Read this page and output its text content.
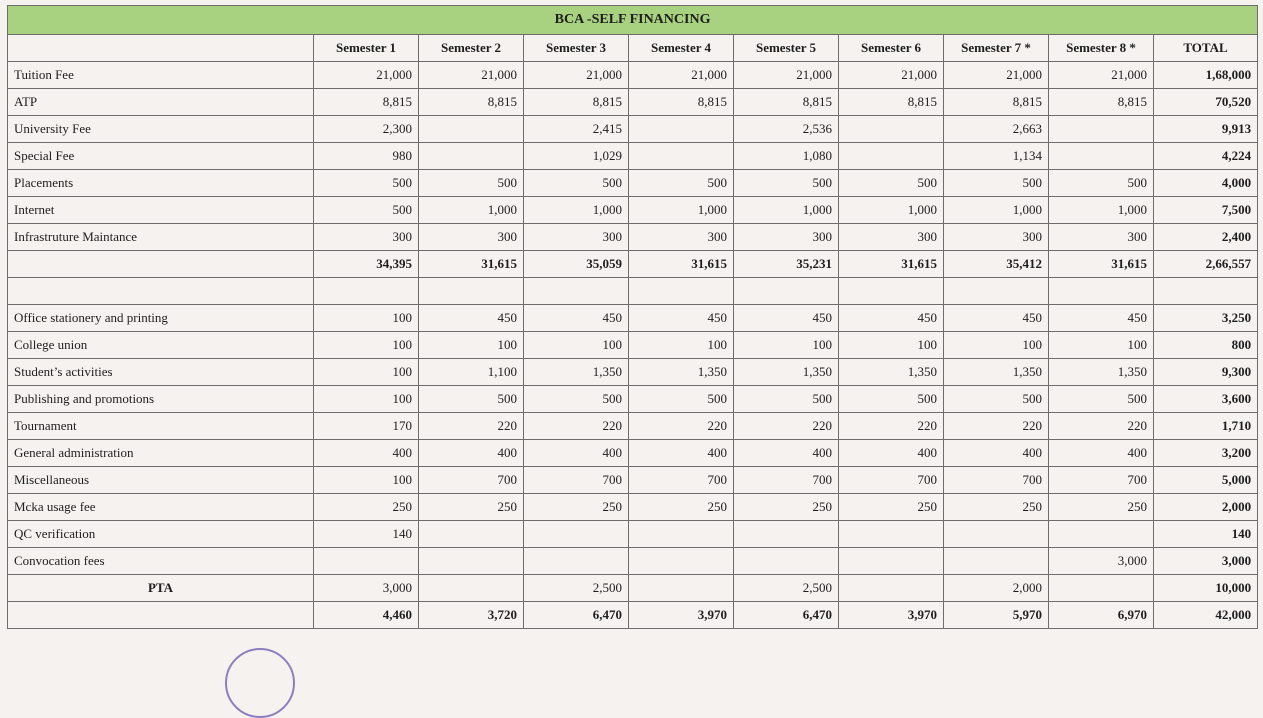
BCA -SELF FINANCING									
	Semester 1	Semester 2	Semester 3	Semester 4	Semester 5	Semester 6	Semester 7 *	Semester 8 *	TOTAL
Tuition Fee	21,000	21,000	21,000	21,000	21,000	21,000	21,000	21,000	1,68,000
ATP	8,815	8,815	8,815	8,815	8,815	8,815	8,815	8,815	70,520
University Fee	2,300		2,415		2,536		2,663		9,913
Special Fee	980		1,029		1,080		1,134		4,224
Placements	500	500	500	500	500	500	500	500	4,000
Internet	500	1,000	1,000	1,000	1,000	1,000	1,000	1,000	7,500
Infrastruture Maintance	300	300	300	300	300	300	300	300	2,400
	34,395	31,615	35,059	31,615	35,231	31,615	35,412	31,615	2,66,557

Office stationery and printing	100	450	450	450	450	450	450	450	3,250
College union	100	100	100	100	100	100	100	100	800
Student’s activities	100	1,100	1,350	1,350	1,350	1,350	1,350	1,350	9,300
Publishing and promotions	100	500	500	500	500	500	500	500	3,600
Tournament	170	220	220	220	220	220	220	220	1,710
General administration	400	400	400	400	400	400	400	400	3,200
Miscellaneous	100	700	700	700	700	700	700	700	5,000
Mcka usage fee	250	250	250	250	250	250	250	250	2,000
QC verification	140								140
Convocation fees								3,000	3,000
PTA	3,000		2,500		2,500		2,000		10,000
	4,460	3,720	6,470	3,970	6,470	3,970	5,970	6,970	42,000
